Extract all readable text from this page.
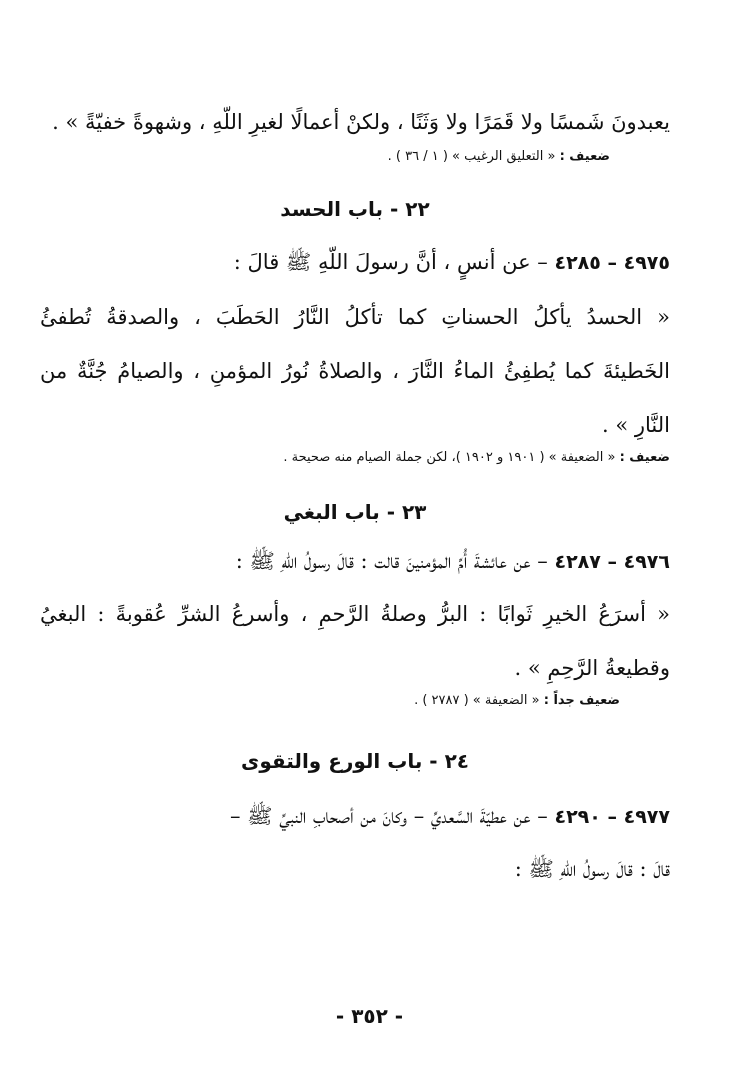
يعبدونَ شَمسًا ولا قَمَرًا ولا وَثَنًا ، ولكنْ أعمالًا لغيرِ اللّهِ ، وشهوةً خفيّةً » .
ضعيف : « التعليق الرغيب » ( ١ / ٣٦ ) .
٢٢ - باب الحسد
٤٩٧٥ – ٤٢٨٥ – عن أنسٍ ، أنَّ رسولَ اللّهِ ﷺ قالَ :
« الحسدُ يأكلُ الحسناتِ كما تأكلُ النَّارُ الحَطَبَ ، والصدقةُ تُطفئُ
الخَطيئةَ كما يُطفِئُ الماءُ النَّارَ ، والصلاةُ نُورُ المؤمنِ ، والصيامُ جُنَّةٌ من
النَّارِ » .
ضعيف : « الضعيفة » ( ١٩٠١ و ١٩٠٢ )، لكن جملة الصيام منه صحيحة .
٢٣ - باب البغي
٤٩٧٦ – ٤٢٨٧ – عن عائشةَ أُمِّ المؤمنينَ قالت : قالَ رسولُ اللّهِ ﷺ :
« أسرَعُ الخيرِ ثَوابًا : البرُّ وصلةُ الرَّحمِ ، وأسرعُ الشرِّ عُقوبةً : البغيُ
وقطيعةُ الرَّحِمِ » .
ضعيف جداً : « الضعيفة » ( ٢٧٨٧ ) .
٢٤ - باب الورع والتقوى
٤٩٧٧ – ٤٢٩٠ – عن عطيّةَ السَّعديِّ – وكانَ من أصحابِ النبيِّ ﷺ –
قالَ : قالَ رسولُ اللّهِ ﷺ :
- ٣٥٢ -
